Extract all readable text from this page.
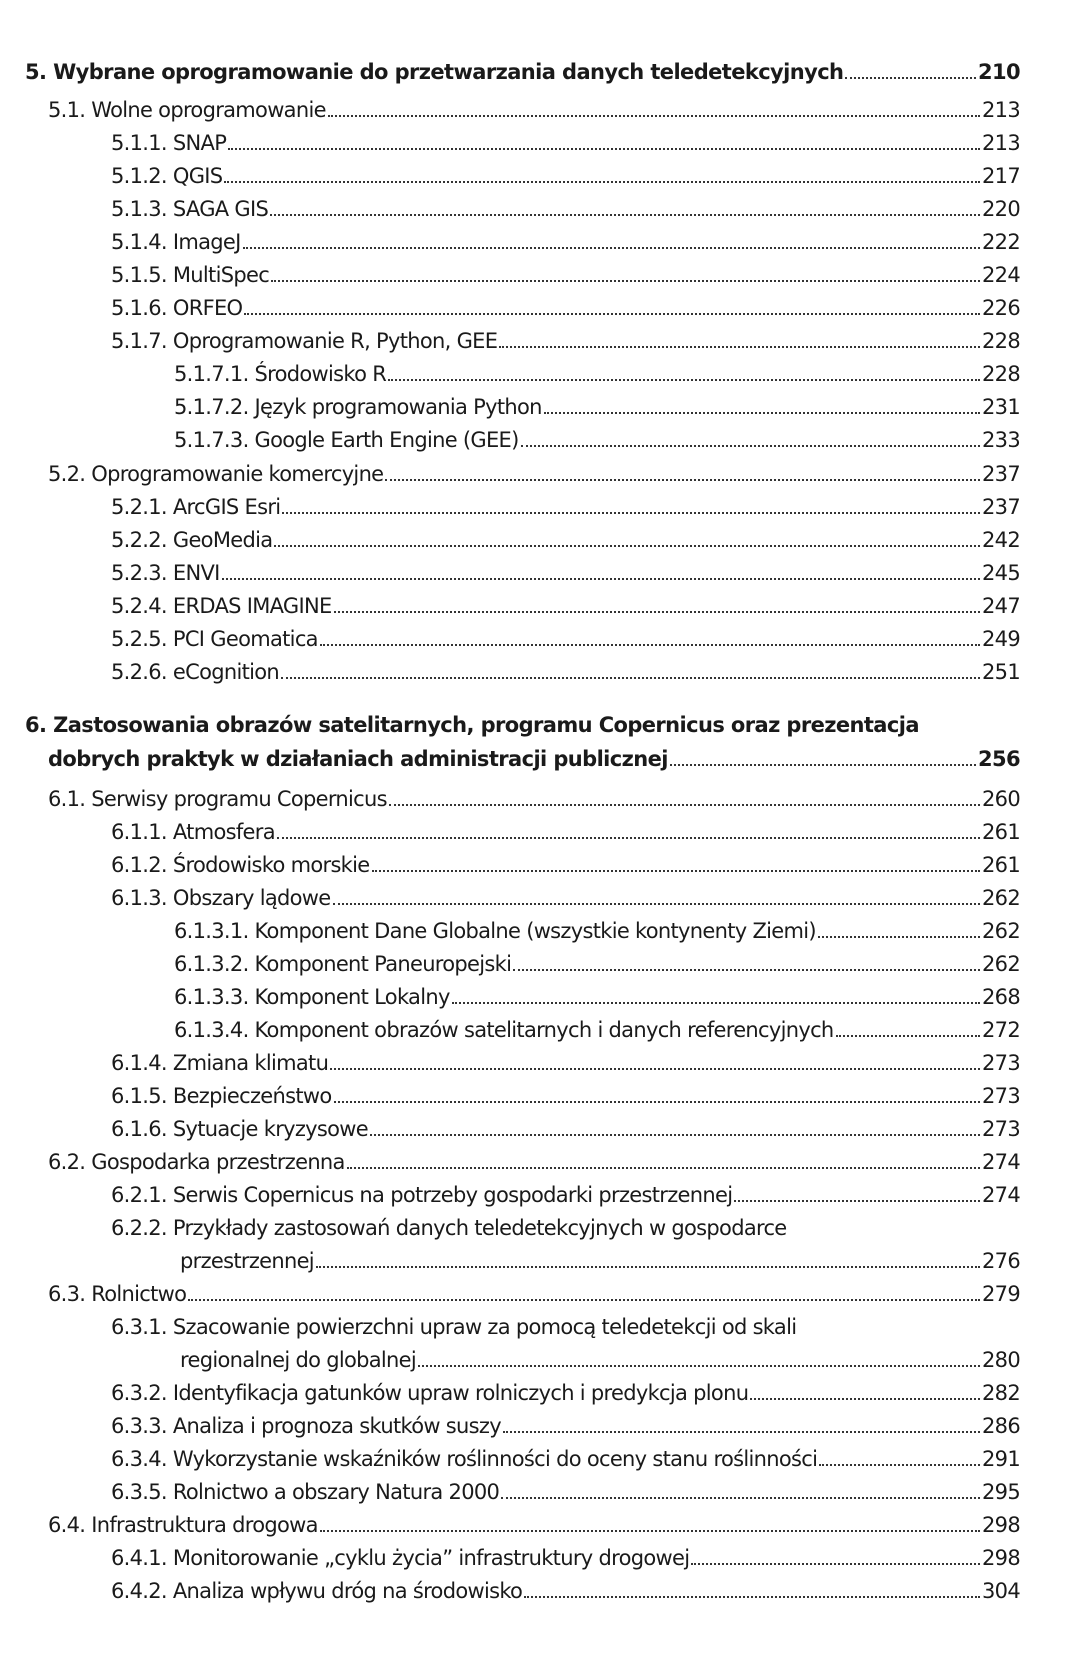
5. Wybrane oprogramowanie do przetwarzania danych teledetekcyjnych	210
5.1. Wolne oprogramowanie	213
5.1.1. SNAP	213
5.1.2. QGIS	217
5.1.3. SAGA GIS	220
5.1.4. ImageJ	222
5.1.5. MultiSpec	224
5.1.6. ORFEO	226
5.1.7. Oprogramowanie R, Python, GEE	228
5.1.7.1. Środowisko R	228
5.1.7.2. Język programowania Python	231
5.1.7.3. Google Earth Engine (GEE)	233
5.2. Oprogramowanie komercyjne	237
5.2.1. ArcGIS Esri	237
5.2.2. GeoMedia	242
5.2.3. ENVI	245
5.2.4. ERDAS IMAGINE	247
5.2.5. PCI Geomatica	249
5.2.6. eCognition	251
6. Zastosowania obrazów satelitarnych, programu Copernicus oraz prezentacja
dobrych praktyk w działaniach administracji publicznej	256
6.1. Serwisy programu Copernicus	260
6.1.1. Atmosfera	261
6.1.2. Środowisko morskie	261
6.1.3. Obszary lądowe	262
6.1.3.1. Komponent Dane Globalne (wszystkie kontynenty Ziemi)	262
6.1.3.2. Komponent Paneuropejski	262
6.1.3.3. Komponent Lokalny	268
6.1.3.4. Komponent obrazów satelitarnych i danych referencyjnych	272
6.1.4. Zmiana klimatu	273
6.1.5. Bezpieczeństwo	273
6.1.6. Sytuacje kryzysowe	273
6.2. Gospodarka przestrzenna	274
6.2.1. Serwis Copernicus na potrzeby gospodarki przestrzennej	274
6.2.2. Przykłady zastosowań danych teledetekcyjnych w gospodarce
przestrzennej	276
6.3. Rolnictwo	279
6.3.1. Szacowanie powierzchni upraw za pomocą teledetekcji od skali
regionalnej do globalnej	280
6.3.2. Identyfikacja gatunków upraw rolniczych i predykcja plonu	282
6.3.3. Analiza i prognoza skutków suszy	286
6.3.4. Wykorzystanie wskaźników roślinności do oceny stanu roślinności	291
6.3.5. Rolnictwo a obszary Natura 2000	295
6.4. Infrastruktura drogowa	298
6.4.1. Monitorowanie „cyklu życia” infrastruktury drogowej	298
6.4.2. Analiza wpływu dróg na środowisko	304
